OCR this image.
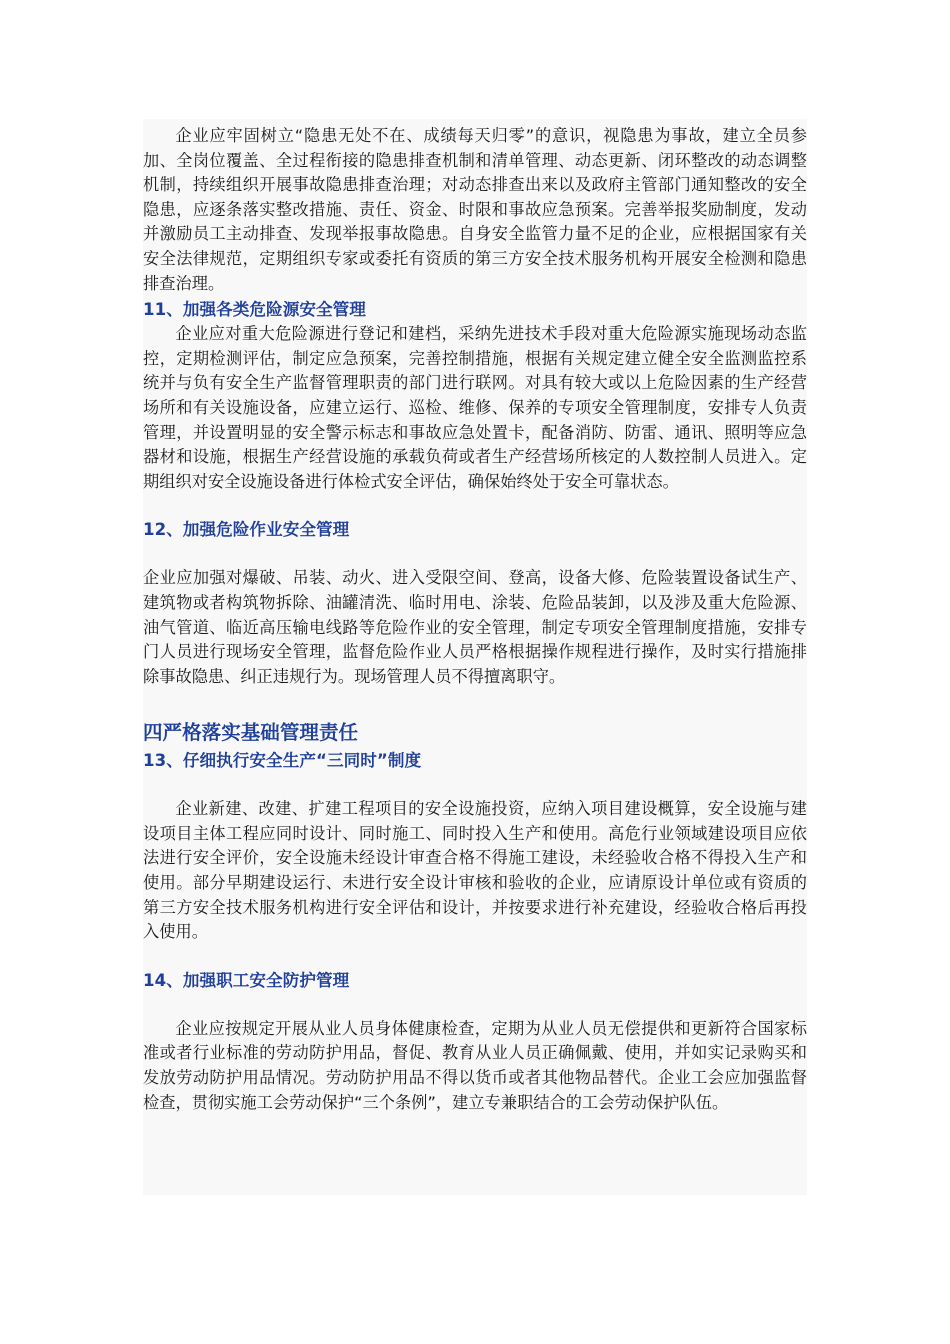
企业应牢固树立“隐患无处不在、成绩每天归零”的意识，视隐患为事故，建立全员参加、全岗位覆盖、全过程衔接的隐患排查机制和清单管理、动态更新、闭环整改的动态调整机制，持续组织开展事故隐患排查治理；对动态排查出来以及政府主管部门通知整改的安全隐患，应逐条落实整改措施、责任、资金、时限和事故应急预案。完善举报奖励制度，发动并激励员工主动排查、发现举报事故隐患。自身安全监管力量不足的企业，应根据国家有关安全法律规范，定期组织专家或委托有资质的第三方安全技术服务机构开展安全检测和隐患排查治理。

11、加强各类危险源安全管理

企业应对重大危险源进行登记和建档，采纳先进技术手段对重大危险源实施现场动态监控，定期检测评估，制定应急预案，完善控制措施，根据有关规定建立健全安全监测监控系统并与负有安全生产监督管理职责的部门进行联网。对具有较大或以上危险因素的生产经营场所和有关设施设备，应建立运行、巡检、维修、保养的专项安全管理制度，安排专人负责管理，并设置明显的安全警示标志和事故应急处置卡，配备消防、防雷、通讯、照明等应急器材和设施，根据生产经营设施的承载负荷或者生产经营场所核定的人数控制人员进入。定期组织对安全设施设备进行体检式安全评估，确保始终处于安全可靠状态。

12、加强危险作业安全管理

企业应加强对爆破、吊装、动火、进入受限空间、登高，设备大修、危险装置设备试生产、建筑物或者构筑物拆除、油罐清洗、临时用电、涂装、危险品装卸，以及涉及重大危险源、油气管道、临近高压输电线路等危险作业的安全管理，制定专项安全管理制度措施，安排专门人员进行现场安全管理，监督危险作业人员严格根据操作规程进行操作，及时实行措施排除事故隐患、纠正违规行为。现场管理人员不得擅离职守。

四严格落实基础管理责任
13、仔细执行安全生产“三同时”制度

企业新建、改建、扩建工程项目的安全设施投资，应纳入项目建设概算，安全设施与建设项目主体工程应同时设计、同时施工、同时投入生产和使用。高危行业领域建设项目应依法进行安全评价，安全设施未经设计审查合格不得施工建设，未经验收合格不得投入生产和使用。部分早期建设运行、未进行安全设计审核和验收的企业，应请原设计单位或有资质的第三方安全技术服务机构进行安全评估和设计，并按要求进行补充建设，经验收合格后再投入使用。

14、加强职工安全防护管理

企业应按规定开展从业人员身体健康检查，定期为从业人员无偿提供和更新符合国家标准或者行业标准的劳动防护用品，督促、教育从业人员正确佩戴、使用，并如实记录购买和发放劳动防护用品情况。劳动防护用品不得以货币或者其他物品替代。企业工会应加强监督检查，贯彻实施工会劳动保护“三个条例”，建立专兼职结合的工会劳动保护队伍。
